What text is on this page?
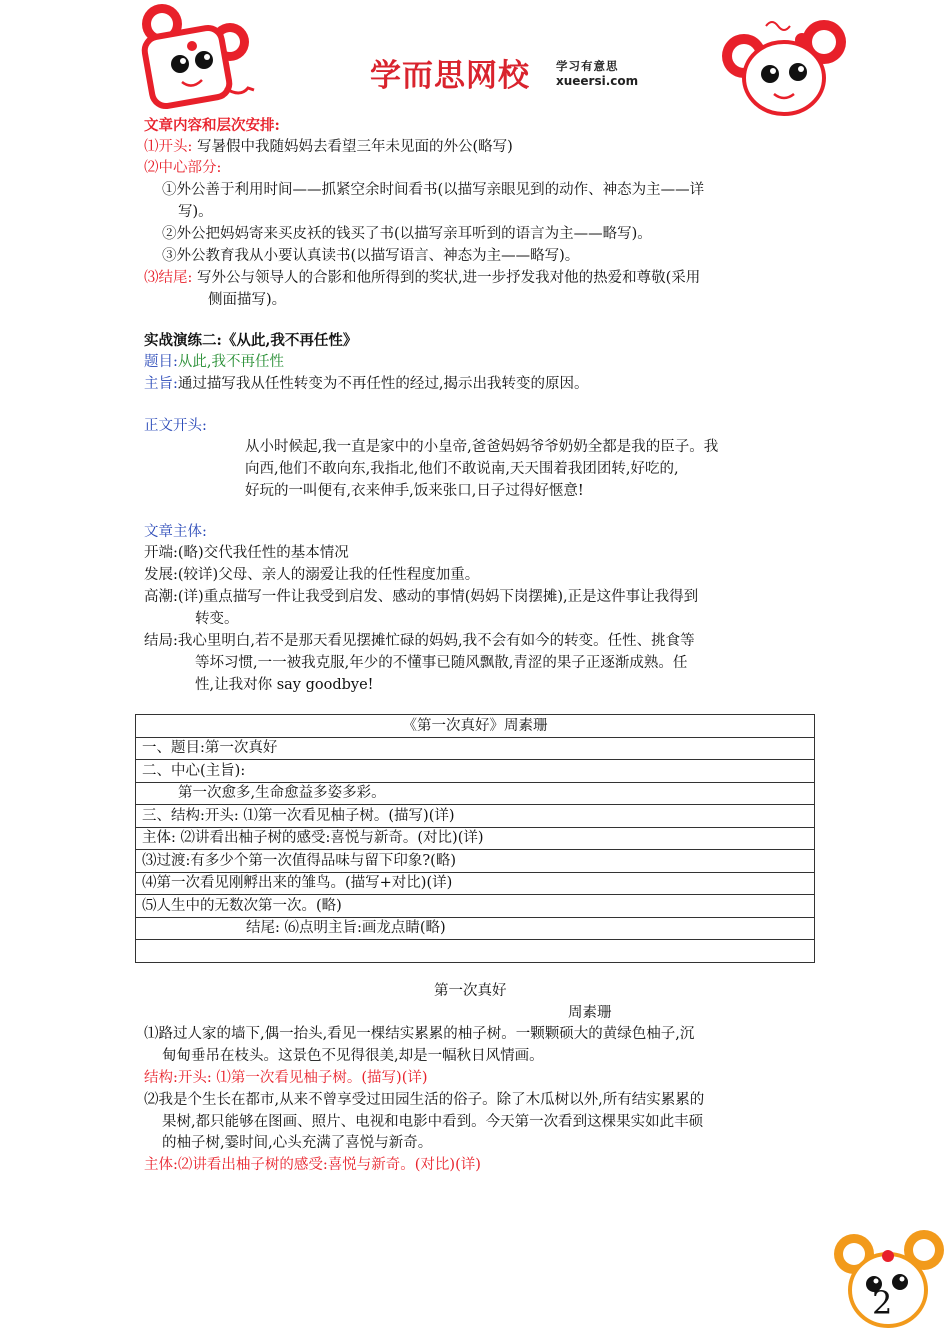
学而思网校 学习有意思
xueersi.com
文章内容和层次安排:
⑴开头: 写暑假中我随妈妈去看望三年未见面的外公(略写)
⑵中心部分:
①外公善于利用时间——抓紧空余时间看书(以描写亲眼见到的动作、神态为主——详
写)。
②外公把妈妈寄来买皮袄的钱买了书(以描写亲耳听到的语言为主——略写)。
③外公教育我从小要认真读书(以描写语言、神态为主——略写)。
⑶结尾: 写外公与领导人的合影和他所得到的奖状,进一步抒发我对他的热爱和尊敬(采用
侧面描写)。
实战演练二:《从此,我不再任性》
题目:从此,我不再任性
主旨:通过描写我从任性转变为不再任性的经过,揭示出我转变的原因。
正文开头:
从小时候起,我一直是家中的小皇帝,爸爸妈妈爷爷奶奶全都是我的臣子。我
向西,他们不敢向东,我指北,他们不敢说南,天天围着我团团转,好吃的,
好玩的一叫便有,衣来伸手,饭来张口,日子过得好惬意!
文章主体:
开端:(略)交代我任性的基本情况
发展:(较详)父母、亲人的溺爱让我的任性程度加重。
高潮:(详)重点描写一件让我受到启发、感动的事情(妈妈下岗摆摊),正是这件事让我得到
转变。
结局:我心里明白,若不是那天看见摆摊忙碌的妈妈,我不会有如今的转变。任性、挑食等
等坏习惯,一一被我克服,年少的不懂事已随风飘散,青涩的果子正逐渐成熟。任
性,让我对你 say goodbye!
《第一次真好》周素珊
一、题目:第一次真好
二、中心(主旨):
第一次愈多,生命愈益多姿多彩。
三、结构:开头: ⑴第一次看见柚子树。(描写)(详)
主体: ⑵讲看出柚子树的感受:喜悦与新奇。(对比)(详)
⑶过渡:有多少个第一次值得品味与留下印象?(略)
⑷第一次看见刚孵出来的雏鸟。(描写+对比)(详)
⑸人生中的无数次第一次。(略)
结尾: ⑹点明主旨:画龙点睛(略)

第一次真好
周素珊
⑴路过人家的墙下,偶一抬头,看见一棵结实累累的柚子树。一颗颗硕大的黄绿色柚子,沉
甸甸垂吊在枝头。这景色不见得很美,却是一幅秋日风情画。
结构:开头: ⑴第一次看见柚子树。(描写)(详)
⑵我是个生长在都市,从来不曾享受过田园生活的俗子。除了木瓜树以外,所有结实累累的
果树,都只能够在图画、照片、电视和电影中看到。今天第一次看到这棵果实如此丰硕
的柚子树,霎时间,心头充满了喜悦与新奇。
主体:⑵讲看出柚子树的感受:喜悦与新奇。(对比)(详)
2
